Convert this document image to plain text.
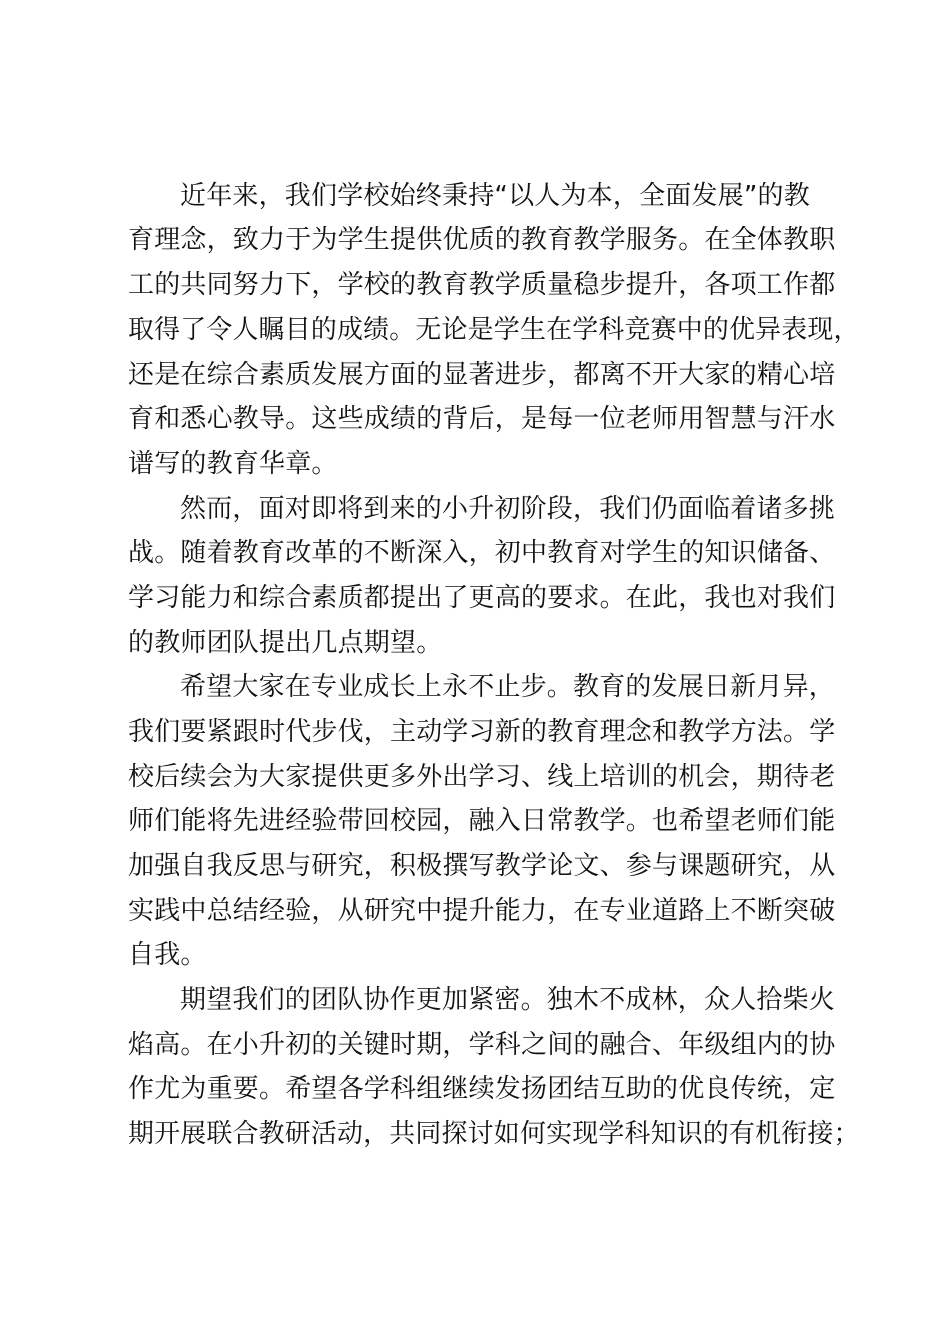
近年来，我们学校始终秉持“以人为本，全面发展”的教
育理念，致力于为学生提供优质的教育教学服务。在全体教职
工的共同努力下，学校的教育教学质量稳步提升，各项工作都
取得了令人瞩目的成绩。无论是学生在学科竞赛中的优异表现，
还是在综合素质发展方面的显著进步，都离不开大家的精心培
育和悉心教导。这些成绩的背后，是每一位老师用智慧与汗水
谱写的教育华章。
然而，面对即将到来的小升初阶段，我们仍面临着诸多挑
战。随着教育改革的不断深入，初中教育对学生的知识储备、
学习能力和综合素质都提出了更高的要求。在此，我也对我们
的教师团队提出几点期望。
希望大家在专业成长上永不止步。教育的发展日新月异，
我们要紧跟时代步伐，主动学习新的教育理念和教学方法。学
校后续会为大家提供更多外出学习、线上培训的机会，期待老
师们能将先进经验带回校园，融入日常教学。也希望老师们能
加强自我反思与研究，积极撰写教学论文、参与课题研究，从
实践中总结经验，从研究中提升能力，在专业道路上不断突破
自我。
期望我们的团队协作更加紧密。独木不成林，众人拾柴火
焰高。在小升初的关键时期，学科之间的融合、年级组内的协
作尤为重要。希望各学科组继续发扬团结互助的优良传统，定
期开展联合教研活动，共同探讨如何实现学科知识的有机衔接；
